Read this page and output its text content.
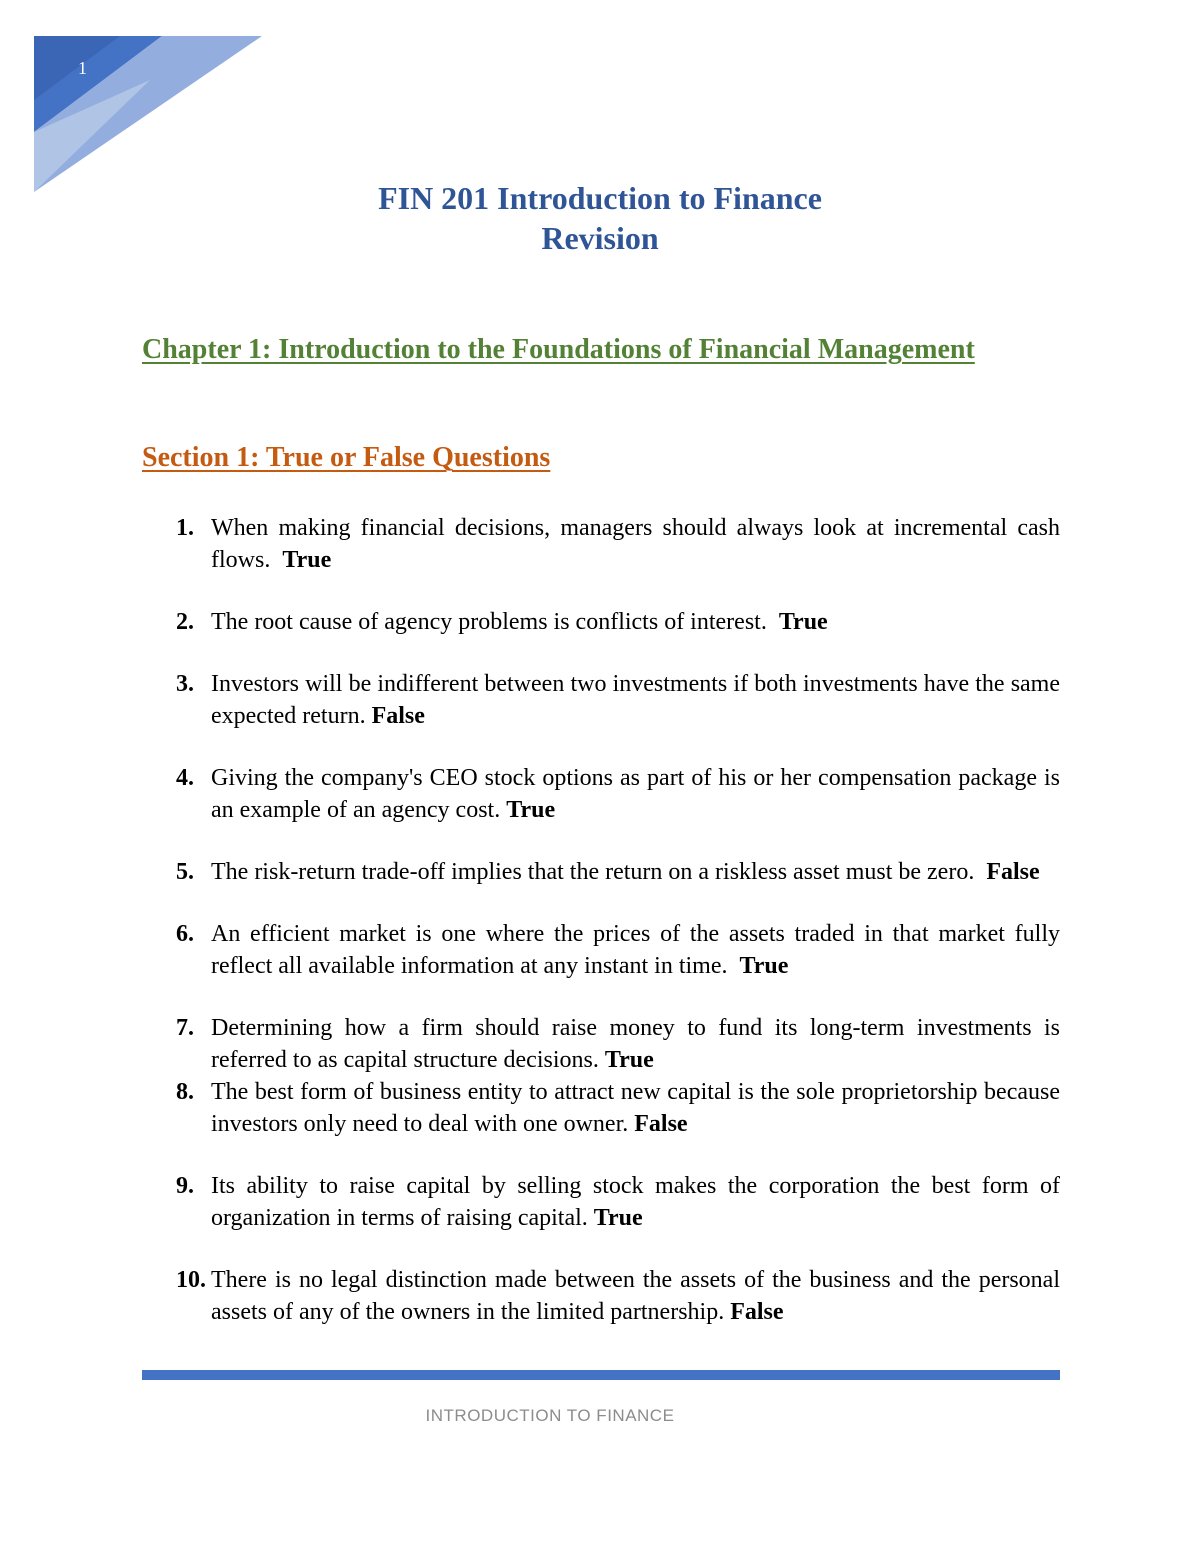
1
FIN 201 Introduction to Finance
Revision
Chapter 1: Introduction to the Foundations of Financial Management
Section 1: True or False Questions
1. When making financial decisions, managers should always look at incremental cash flows. True
2. The root cause of agency problems is conflicts of interest. True
3. Investors will be indifferent between two investments if both investments have the same expected return. False
4. Giving the company's CEO stock options as part of his or her compensation package is an example of an agency cost. True
5. The risk-return trade-off implies that the return on a riskless asset must be zero. False
6. An efficient market is one where the prices of the assets traded in that market fully reflect all available information at any instant in time. True
7. Determining how a firm should raise money to fund its long-term investments is referred to as capital structure decisions. True
8. The best form of business entity to attract new capital is the sole proprietorship because investors only need to deal with one owner. False
9. Its ability to raise capital by selling stock makes the corporation the best form of organization in terms of raising capital. True
10. There is no legal distinction made between the assets of the business and the personal assets of any of the owners in the limited partnership. False
INTRODUCTION TO FINANCE
